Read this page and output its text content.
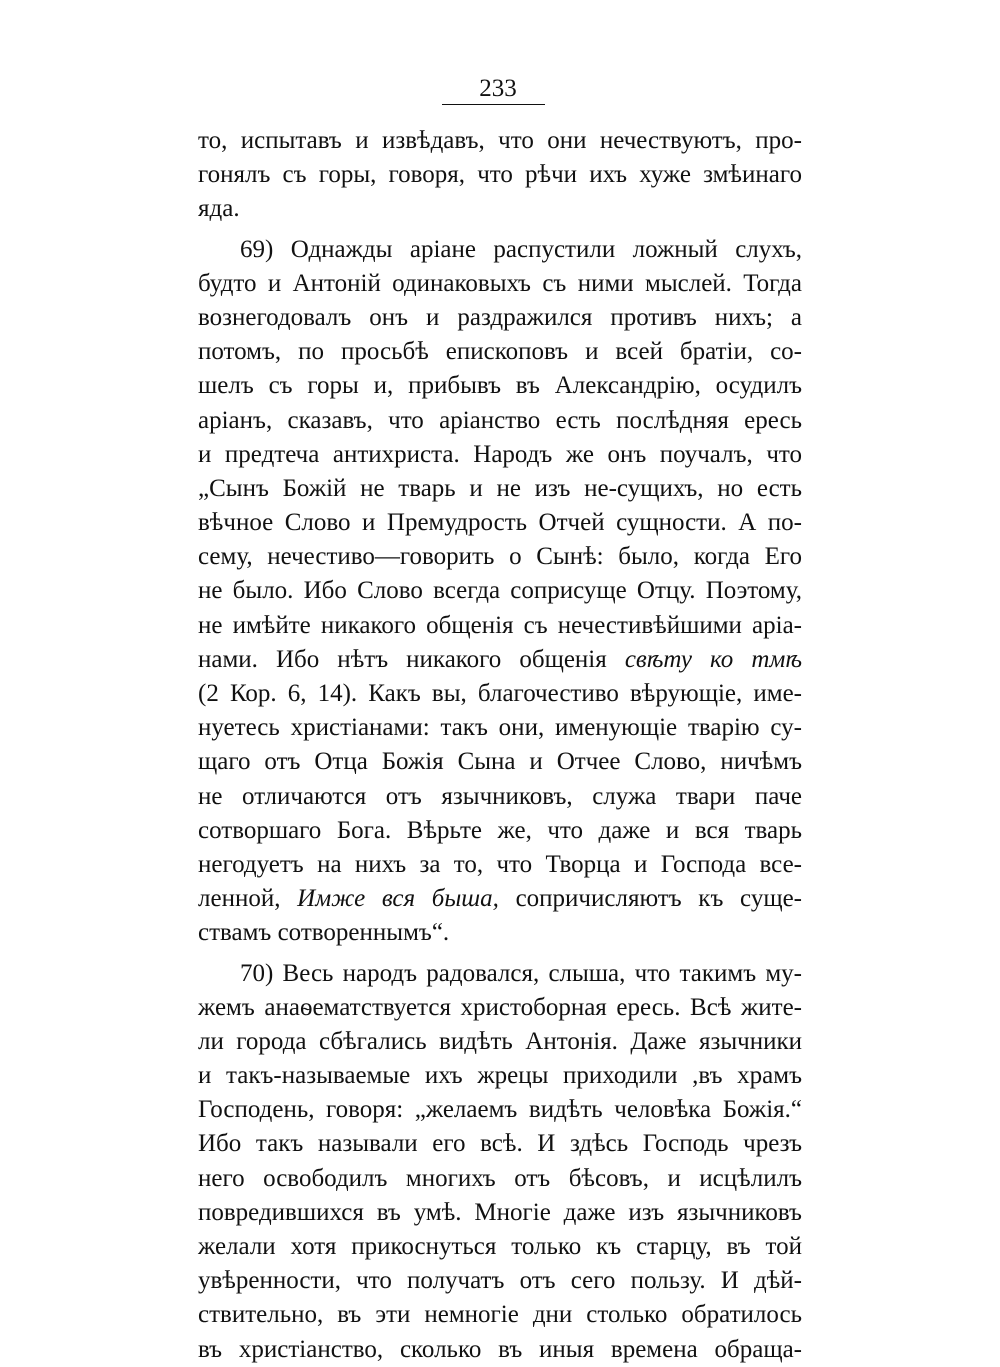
233
то, испытавъ и извѣдавъ, что они нечествуютъ, про-
гонялъ съ горы, говоря, что рѣчи ихъ хуже змѣинаго
яда.
69) Однажды аріане распустили ложный слухъ,
будто и Антоній одинаковыхъ съ ними мыслей. Тогда
вознегодовалъ онъ и раздражился противъ нихъ; а
потомъ, по просьбѣ епископовъ и всей братіи, со-
шелъ съ горы и, прибывъ въ Александрію, осудилъ
аріанъ, сказавъ, что аріанство есть послѣдняя ересь
и предтеча антихриста. Народъ же онъ поучалъ, что
„Сынъ Божій не тварь и не изъ не-сущихъ, но есть
вѣчное Слово и Премудрость Отчей сущности. А по-
сему, нечестиво—говорить о Сынѣ: было, когда Его
не было. Ибо Слово всегда соприсуще Отцу. Поэтому,
не имѣйте никакого общенія съ нечестивѣйшими аріа-
нами. Ибо нѣтъ никакого общенія свѣту ко тмѣ
(2 Кор. 6, 14). Какъ вы, благочестиво вѣрующіе, име-
нуетесь христіанами: такъ они, именующіе тварію су-
щаго отъ Отца Божія Сына и Отчее Слово, ничѣмъ
не отличаются отъ язычниковъ, служа твари паче
сотворшаго Бога. Вѣрьте же, что даже и вся тварь
негодуетъ на нихъ за то, что Творца и Господа все-
ленной, Имже вся быша, сопричисляютъ къ суще-
ствамъ сотвореннымъ“.
70) Весь народъ радовался, слыша, что такимъ му-
жемъ анаѳематствуется христоборная ересь. Всѣ жите-
ли города сбѣгались видѣть Антонія. Даже язычники
и такъ-называемые ихъ жрецы приходили ,въ храмъ
Господень, говоря: „желаемъ видѣть человѣка Божія.“
Ибо такъ называли его всѣ. И здѣсь Господь чрезъ
него освободилъ многихъ отъ бѣсовъ, и исцѣлилъ
повредившихся въ умѣ. Многіе даже изъ язычниковъ
желали хотя прикоснуться только къ старцу, въ той
увѣренности, что получатъ отъ сего пользу. И дѣй-
ствительно, въ эти немногіе дни столько обратилось
въ христіанство, сколько въ иныя времена обраща-
